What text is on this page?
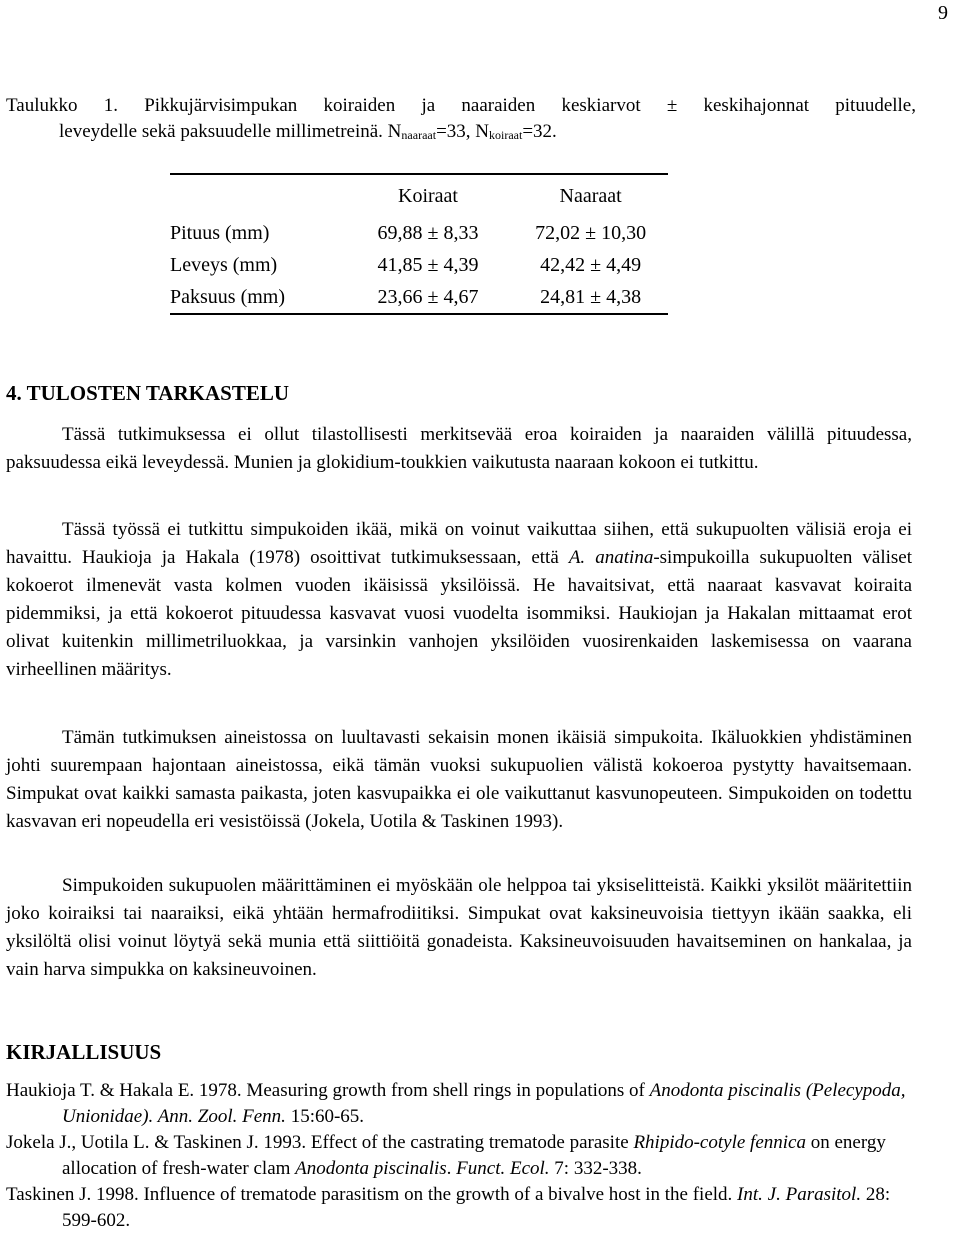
9
Taulukko 1. Pikkujärvisimpukan koiraiden ja naaraiden keskiarvot ± keskihajonnat pituudelle,
leveydelle sekä paksuudelle millimetreinä. $N_{naaraat}=33$, $N_{koiraat}=32$.
	Koiraat	Naaraat
Pituus (mm)	69,88 ± 8,33	72,02 ± 10,30
Leveys (mm)	41,85 ± 4,39	42,42 ± 4,49
Paksuus (mm)	23,66 ± 4,67	24,81 ± 4,38
4. TULOSTEN TARKASTELU

Tässä tutkimuksessa ei ollut tilastollisesti merkitsevää eroa koiraiden ja naaraiden välillä pituudessa, paksuudessa eikä leveydessä. Munien ja glokidium-toukkien vaikutusta naaraan kokoon ei tutkittu.

Tässä työssä ei tutkittu simpukoiden ikää, mikä on voinut vaikuttaa siihen, että sukupuolten välisiä eroja ei havaittu. Haukioja ja Hakala (1978) osoittivat tutkimuksessaan, että A. anatina-simpukoilla sukupuolten väliset kokoerot ilmenevät vasta kolmen vuoden ikäisissä yksilöissä. He havaitsivat, että naaraat kasvavat koiraita pidemmiksi, ja että kokoerot pituudessa kasvavat vuosi vuodelta isommiksi. Haukiojan ja Hakalan mittaamat erot olivat kuitenkin millimetriluokkaa, ja varsinkin vanhojen yksilöiden vuosirenkaiden laskemisessa on vaarana virheellinen määritys.

Tämän tutkimuksen aineistossa on luultavasti sekaisin monen ikäisiä simpukoita. Ikäluokkien yhdistäminen johti suurempaan hajontaan aineistossa, eikä tämän vuoksi sukupuolien välistä kokoeroa pystytty havaitsemaan. Simpukat ovat kaikki samasta paikasta, joten kasvupaikka ei ole vaikuttanut kasvunopeuteen. Simpukoiden on todettu kasvavan eri nopeudella eri vesistöissä (Jokela, Uotila & Taskinen 1993).

Simpukoiden sukupuolen määrittäminen ei myöskään ole helppoa tai yksiselitteistä. Kaikki yksilöt määritettiin joko koiraiksi tai naaraiksi, eikä yhtään hermafrodiitiksi. Simpukat ovat kaksineuvoisia tiettyyn ikään saakka, eli yksilöltä olisi voinut löytyä sekä munia että siittiöitä gonadeista. Kaksineuvoisuuden havaitseminen on hankalaa, ja vain harva simpukka on kaksineuvoinen.

KIRJALLISUUS

Haukioja T. & Hakala E. 1978. Measuring growth from shell rings in populations of Anodonta piscinalis (Pelecypoda, Unionidae). Ann. Zool. Fenn. 15:60-65.

Jokela J., Uotila L. & Taskinen J. 1993. Effect of the castrating trematode parasite Rhipido-cotyle fennica on energy allocation of fresh-water clam Anodonta piscinalis. Funct. Ecol. 7: 332-338.

Taskinen J. 1998. Influence of trematode parasitism on the growth of a bivalve host in the field. Int. J. Parasitol. 28: 599-602.
